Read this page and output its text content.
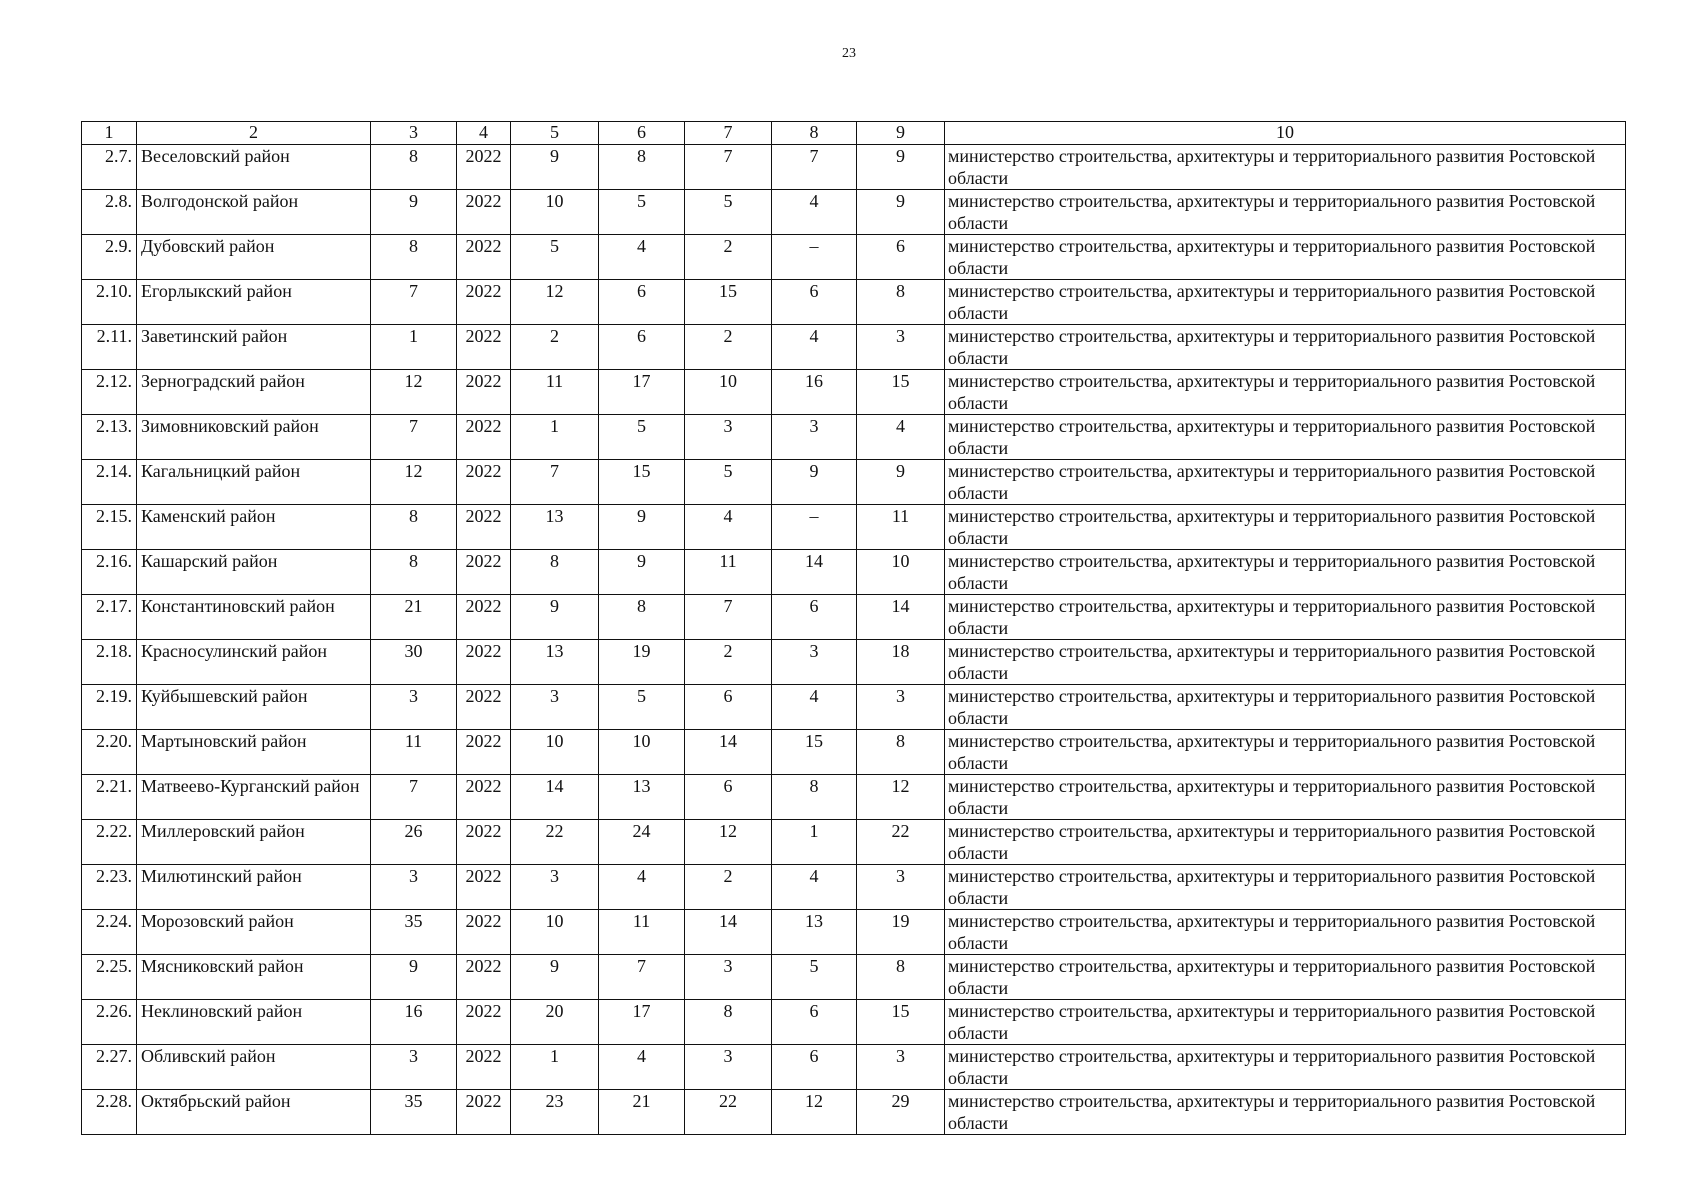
23
1	2	3	4	5	6	7	8	9	10
2.7.	Веселовский район	8	2022	9	8	7	7	9	министерство строительства, архитектуры и территориального развития Ростовской области
2.8.	Волгодонской район	9	2022	10	5	5	4	9	министерство строительства, архитектуры и территориального развития Ростовской области
2.9.	Дубовский район	8	2022	5	4	2	–	6	министерство строительства, архитектуры и территориального развития Ростовской области
2.10.	Егорлыкский район	7	2022	12	6	15	6	8	министерство строительства, архитектуры и территориального развития Ростовской области
2.11.	Заветинский район	1	2022	2	6	2	4	3	министерство строительства, архитектуры и территориального развития Ростовской области
2.12.	Зерноградский район	12	2022	11	17	10	16	15	министерство строительства, архитектуры и территориального развития Ростовской области
2.13.	Зимовниковский район	7	2022	1	5	3	3	4	министерство строительства, архитектуры и территориального развития Ростовской области
2.14.	Кагальницкий район	12	2022	7	15	5	9	9	министерство строительства, архитектуры и территориального развития Ростовской области
2.15.	Каменский район	8	2022	13	9	4	–	11	министерство строительства, архитектуры и территориального развития Ростовской области
2.16.	Кашарский район	8	2022	8	9	11	14	10	министерство строительства, архитектуры и территориального развития Ростовской области
2.17.	Константиновский район	21	2022	9	8	7	6	14	министерство строительства, архитектуры и территориального развития Ростовской области
2.18.	Красносулинский район	30	2022	13	19	2	3	18	министерство строительства, архитектуры и территориального развития Ростовской области
2.19.	Куйбышевский район	3	2022	3	5	6	4	3	министерство строительства, архитектуры и территориального развития Ростовской области
2.20.	Мартыновский район	11	2022	10	10	14	15	8	министерство строительства, архитектуры и территориального развития Ростовской области
2.21.	Матвеево-Курганский район	7	2022	14	13	6	8	12	министерство строительства, архитектуры и территориального развития Ростовской области
2.22.	Миллеровский район	26	2022	22	24	12	1	22	министерство строительства, архитектуры и территориального развития Ростовской области
2.23.	Милютинский район	3	2022	3	4	2	4	3	министерство строительства, архитектуры и территориального развития Ростовской области
2.24.	Морозовский район	35	2022	10	11	14	13	19	министерство строительства, архитектуры и территориального развития Ростовской области
2.25.	Мясниковский район	9	2022	9	7	3	5	8	министерство строительства, архитектуры и территориального развития Ростовской области
2.26.	Неклиновский район	16	2022	20	17	8	6	15	министерство строительства, архитектуры и территориального развития Ростовской области
2.27.	Обливский район	3	2022	1	4	3	6	3	министерство строительства, архитектуры и территориального развития Ростовской области
2.28.	Октябрьский район	35	2022	23	21	22	12	29	министерство строительства, архитектуры и территориального развития Ростовской области
